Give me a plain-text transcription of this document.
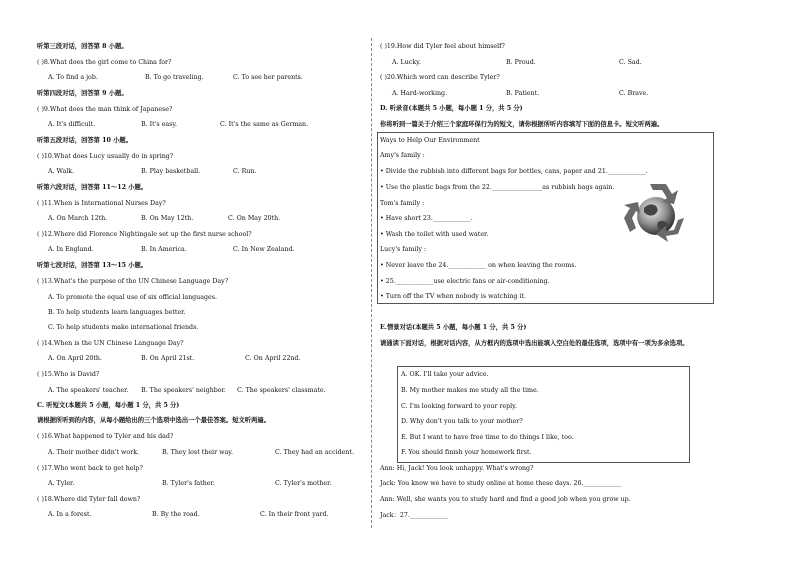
听第三段对话，回答第 8 小题。
( )8.What does the girl come to China for?
A. To find a job.	B. To go traveling.	C. To see her parents.
听第四段对话，回答第 9 小题。
( )9.What does the man think of Japanese?
A. It's difficult.	B. It's easy.	C. It's the same as German.
听第五段对话，回答第 10 小题。
( )10.What does Lucy usually do in spring?
A. Walk.	B. Play basketball.	C. Run.
听第六段对话，回答第 11～12 小题。
( )11.When is International Nurses Day?
A. On March 12th.	B. On May 12th.	C. On May 20th.
( )12.Where did Florence Nightingale set up the first nurse school?
A. In England.	B. In America.	C. In New Zealand.
听第七段对话，回答第 13～15 小题。
( )13.What's the purpose of the UN Chinese Language Day?
A. To promote the equal use of six official languages.
B. To help students learn languages better.
C. To help students make international friends.
( )14.When is the UN Chinese Language Day?
A. On April 20th.	B. On April 21st.	C. On April 22nd.
( )15.Who is David?
A. The speakers' teacher. B. The speakers' neighbor. C. The speakers' classmate.
C. 听短文(本题共 5 小题，每小题 1 分，共 5 分)
请根据所听到的内容，从每小题给出的三个选项中选出一个最佳答案。短文听两遍。
( )16.What happened to Tyler and his dad?
A. Their mother didn't work.	B. They lost their way.	C. They had an accident.
( )17.Who went back to get help?
A. Tyler.	B. Tyler's father.	C. Tyler's mother.
( )18.Where did Tyler fall down?
A. In a forest.	B. By the road.	C. In their front yard.
( )19.How did Tyler feel about himself?
A. Lucky.	B. Proud.	C. Sad.
( )20.Which word can describe Tyler?
A. Hard-working.	B. Patient.	C. Brave.
D. 听录音(本题共 5 小题，每小题 1 分，共 5 分)
你将听到一篇关于介绍三个家庭环保行为的短文，请你根据所听内容填写下面的信息卡。短文听两遍。
Ways to Help Our Environment
Amy's family :
• Divide the rubbish into different bags for bottles, cans, paper and 21.____________.
• Use the plastic bags from the 22.________________as rubbish bags again.
Tom's family :
• Have short 23.____________.
• Wash the toilet with used water.
Lucy's family :
• Never leave the 24.____________ on when leaving the rooms.
• 25.____________use electric fans or air-conditioning.
• Turn off the TV when nobody is watching it.
E.情景对话(本题共 5 小题，每小题 1 分，共 5 分)
请通读下面对话，根据对话内容，从方框内的选项中选出能填入空白处的最佳选项，选项中有一项为多余选项。
A. OK. I'll take your advice.
B. My mother makes me study all the time.
C. I'm looking forward to your reply.
D. Why don't you talk to your mother?
E. But I want to have free time to do things I like, too.
F. You should finish your homework first.
Ann: Hi, Jack! You look unhappy. What's wrong?
Jack: You know we have to study online at home these days. 26.____________
Ann: Well, she wants you to study hard and find a good job when you grow up.
Jack：27.____________
